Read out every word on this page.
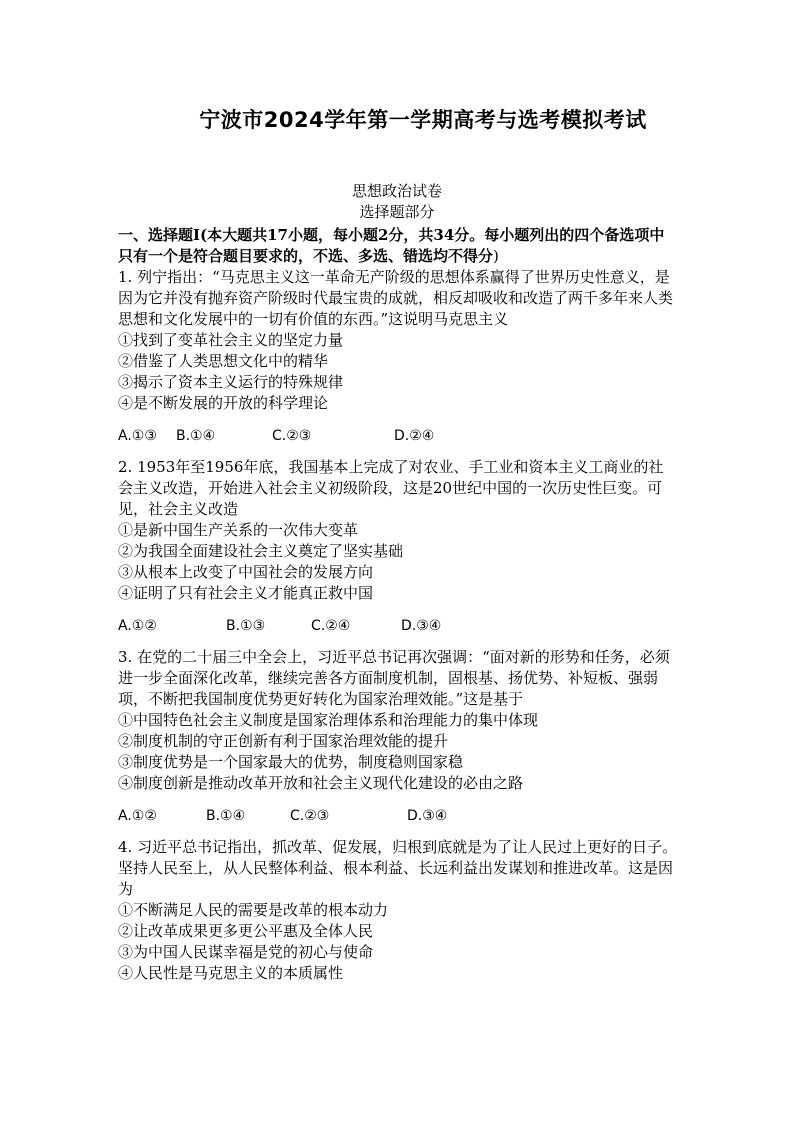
宁波市2024学年第一学期高考与选考模拟考试
思想政治试卷
选择题部分

一、选择题Ⅰ(本大题共17小题，每小题2分，共34分。每小题列出的四个备选项中只有一个是符合题目要求的，不选、多选、错选均不得分)

1. 列宁指出：“马克思主义这一革命无产阶级的思想体系赢得了世界历史性意义，是因为它并没有抛弃资产阶级时代最宝贵的成就，相反却吸收和改造了两千多年来人类思想和文化发展中的一切有价值的东西。”这说明马克思主义

①找到了变革社会主义的坚定力量

②借鉴了人类思想文化中的精华

③揭示了资本主义运行的特殊规律

④是不断发展的开放的科学理论

A.①③	B.①④	C.②③	D.②④

2. 1953年至1956年底，我国基本上完成了对农业、手工业和资本主义工商业的社会主义改造，开始进入社会主义初级阶段，这是20世纪中国的一次历史性巨变。可见，社会主义改造

①是新中国生产关系的一次伟大变革

②为我国全面建设社会主义奠定了坚实基础

③从根本上改变了中国社会的发展方向

④证明了只有社会主义才能真正救中国

A.①②	B.①③	C.②④	D.③④

3. 在党的二十届三中全会上，习近平总书记再次强调：“面对新的形势和任务，必须进一步全面深化改革，继续完善各方面制度机制，固根基、扬优势、补短板、强弱项，不断把我国制度优势更好转化为国家治理效能。”这是基于

①中国特色社会主义制度是国家治理体系和治理能力的集中体现

②制度机制的守正创新有利于国家治理效能的提升

③制度优势是一个国家最大的优势，制度稳则国家稳

④制度创新是推动改革开放和社会主义现代化建设的必由之路

A.①②	B.①④	C.②③	D.③④

4. 习近平总书记指出，抓改革、促发展，归根到底就是为了让人民过上更好的日子。坚持人民至上，从人民整体利益、根本利益、长远利益出发谋划和推进改革。这是因为

①不断满足人民的需要是改革的根本动力

②让改革成果更多更公平惠及全体人民

③为中国人民谋幸福是党的初心与使命

④人民性是马克思主义的本质属性
